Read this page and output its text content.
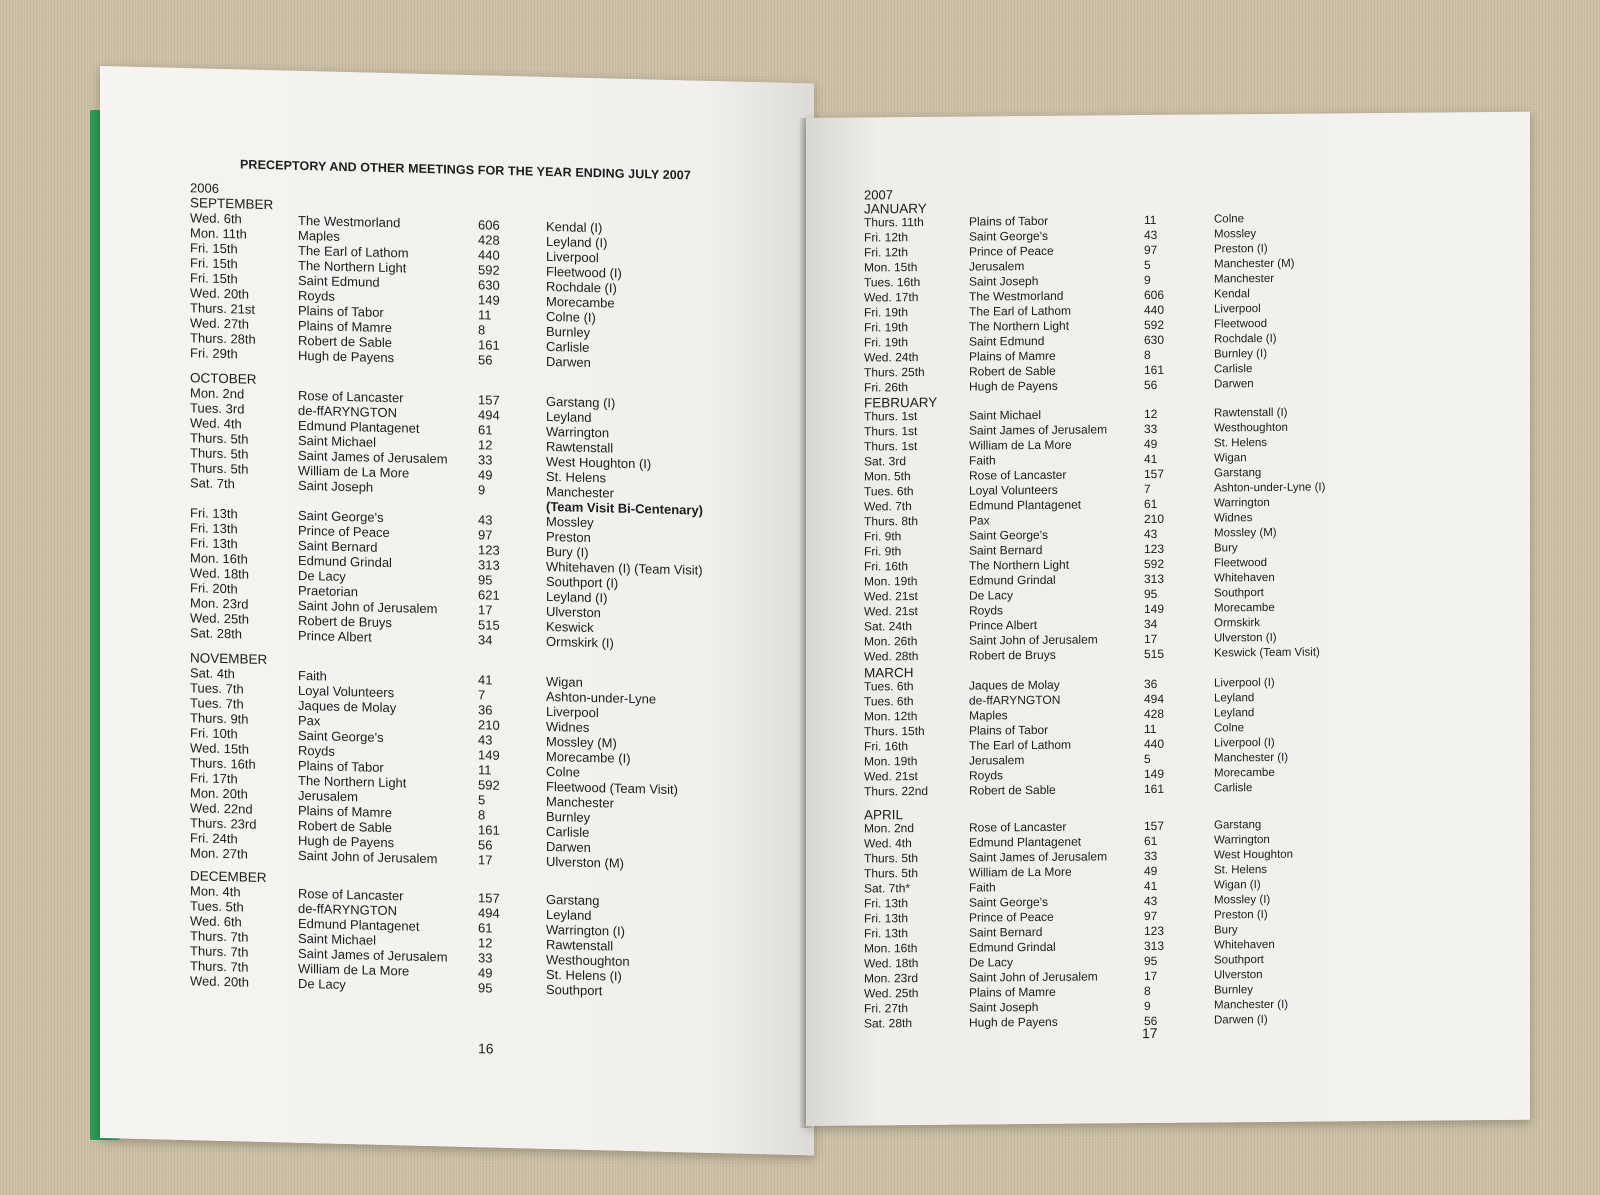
PRECEPTORY AND OTHER MEETINGS FOR THE YEAR ENDING JULY 2007
2006
SEPTEMBER
Wed. 6th	The Westmorland	606	Kendal (I)
Mon. 11th	Maples	428	Leyland (I)
Fri. 15th	The Earl of Lathom	440	Liverpool
Fri. 15th	The Northern Light	592	Fleetwood (I)
Fri. 15th	Saint Edmund	630	Rochdale (I)
Wed. 20th	Royds	149	Morecambe
Thurs. 21st	Plains of Tabor	11	Colne (I)
Wed. 27th	Plains of Mamre	8	Burnley
Thurs. 28th	Robert de Sable	161	Carlisle
Fri. 29th	Hugh de Payens	56	Darwen
OCTOBER
Mon. 2nd	Rose of Lancaster	157	Garstang (I)
Tues. 3rd	de-ffARYNGTON	494	Leyland
Wed. 4th	Edmund Plantagenet	61	Warrington
Thurs. 5th	Saint Michael	12	Rawtenstall
Thurs. 5th	Saint James of Jerusalem 33	West Houghton (I)
Thurs. 5th	William de La More	49	St. Helens
Sat. 7th	Saint Joseph	9	Manchester
(Team Visit Bi-Centenary)
Fri. 13th	Saint George's	43	Mossley
Fri. 13th	Prince of Peace	97	Preston
Fri. 13th	Saint Bernard	123	Bury (I)
Mon. 16th	Edmund Grindal	313	Whitehaven (I) (Team Visit)
Wed. 18th	De Lacy	95	Southport (I)
Fri. 20th	Praetorian	621	Leyland (I)
Mon. 23rd	Saint John of Jerusalem	17	Ulverston
Wed. 25th	Robert de Bruys	515	Keswick
Sat. 28th	Prince Albert	34	Ormskirk (I)
NOVEMBER
Sat. 4th	Faith	41	Wigan
Tues. 7th	Loyal Volunteers	7	Ashton-under-Lyne
Tues. 7th	Jaques de Molay	36	Liverpool
Thurs. 9th	Pax	210	Widnes
Fri. 10th	Saint George's	43	Mossley (M)
Wed. 15th	Royds	149	Morecambe (I)
Thurs. 16th	Plains of Tabor	11	Colne
Fri. 17th	The Northern Light	592	Fleetwood (Team Visit)
Mon. 20th	Jerusalem	5	Manchester
Wed. 22nd	Plains of Mamre	8	Burnley
Thurs. 23rd	Robert de Sable	161	Carlisle
Fri. 24th	Hugh de Payens	56	Darwen
Mon. 27th	Saint John of Jerusalem	17	Ulverston (M)
DECEMBER
Mon. 4th	Rose of Lancaster	157	Garstang
Tues. 5th	de-ffARYNGTON	494	Leyland
Wed. 6th	Edmund Plantagenet	61	Warrington (I)
Thurs. 7th	Saint Michael	12	Rawtenstall
Thurs. 7th	Saint James of Jerusalem 33	Westhoughton
Thurs. 7th	William de La More	49	St. Helens (I)
Wed. 20th	De Lacy	95	Southport
16
2007
JANUARY
Thurs. 11th	Plains of Tabor	11	Colne
Fri. 12th	Saint George's	43	Mossley
Fri. 12th	Prince of Peace	97	Preston (I)
Mon. 15th	Jerusalem	5	Manchester (M)
Tues. 16th	Saint Joseph	9	Manchester
Wed. 17th	The Westmorland	606	Kendal
Fri. 19th	The Earl of Lathom	440	Liverpool
Fri. 19th	The Northern Light	592	Fleetwood
Fri. 19th	Saint Edmund	630	Rochdale (I)
Wed. 24th	Plains of Mamre	8	Burnley (I)
Thurs. 25th	Robert de Sable	161	Carlisle
Fri. 26th	Hugh de Payens	56	Darwen
FEBRUARY
Thurs. 1st	Saint Michael	12	Rawtenstall (I)
Thurs. 1st	Saint James of Jerusalem	33	Westhoughton
Thurs. 1st	William de La More	49	St. Helens
Sat. 3rd	Faith	41	Wigan
Mon. 5th	Rose of Lancaster	157	Garstang
Tues. 6th	Loyal Volunteers	7	Ashton-under-Lyne (I)
Wed. 7th	Edmund Plantagenet	61	Warrington
Thurs. 8th	Pax	210	Widnes
Fri. 9th	Saint George's	43	Mossley (M)
Fri. 9th	Saint Bernard	123	Bury
Fri. 16th	The Northern Light	592	Fleetwood
Mon. 19th	Edmund Grindal	313	Whitehaven
Wed. 21st	De Lacy	95	Southport
Wed. 21st	Royds	149	Morecambe
Sat. 24th	Prince Albert	34	Ormskirk
Mon. 26th	Saint John of Jerusalem	17	Ulverston (I)
Wed. 28th	Robert de Bruys	515	Keswick (Team Visit)
MARCH
Tues. 6th	Jaques de Molay	36	Liverpool (I)
Tues. 6th	de-ffARYNGTON	494	Leyland
Mon. 12th	Maples	428	Leyland
Thurs. 15th	Plains of Tabor	11	Colne
Fri. 16th	The Earl of Lathom	440	Liverpool (I)
Mon. 19th	Jerusalem	5	Manchester (I)
Wed. 21st	Royds	149	Morecambe
Thurs. 22nd	Robert de Sable	161	Carlisle
APRIL
Mon. 2nd	Rose of Lancaster	157	Garstang
Wed. 4th	Edmund Plantagenet	61	Warrington
Thurs. 5th	Saint James of Jerusalem	33	West Houghton
Thurs. 5th	William de La More	49	St. Helens
Sat. 7th*	Faith	41	Wigan (I)
Fri. 13th	Saint George's	43	Mossley (I)
Fri. 13th	Prince of Peace	97	Preston (I)
Fri. 13th	Saint Bernard	123	Bury
Mon. 16th	Edmund Grindal	313	Whitehaven
Wed. 18th	De Lacy	95	Southport
Mon. 23rd	Saint John of Jerusalem	17	Ulverston
Wed. 25th	Plains of Mamre	8	Burnley
Fri. 27th	Saint Joseph	9	Manchester (I)
Sat. 28th	Hugh de Payens	56	Darwen (I)
17
